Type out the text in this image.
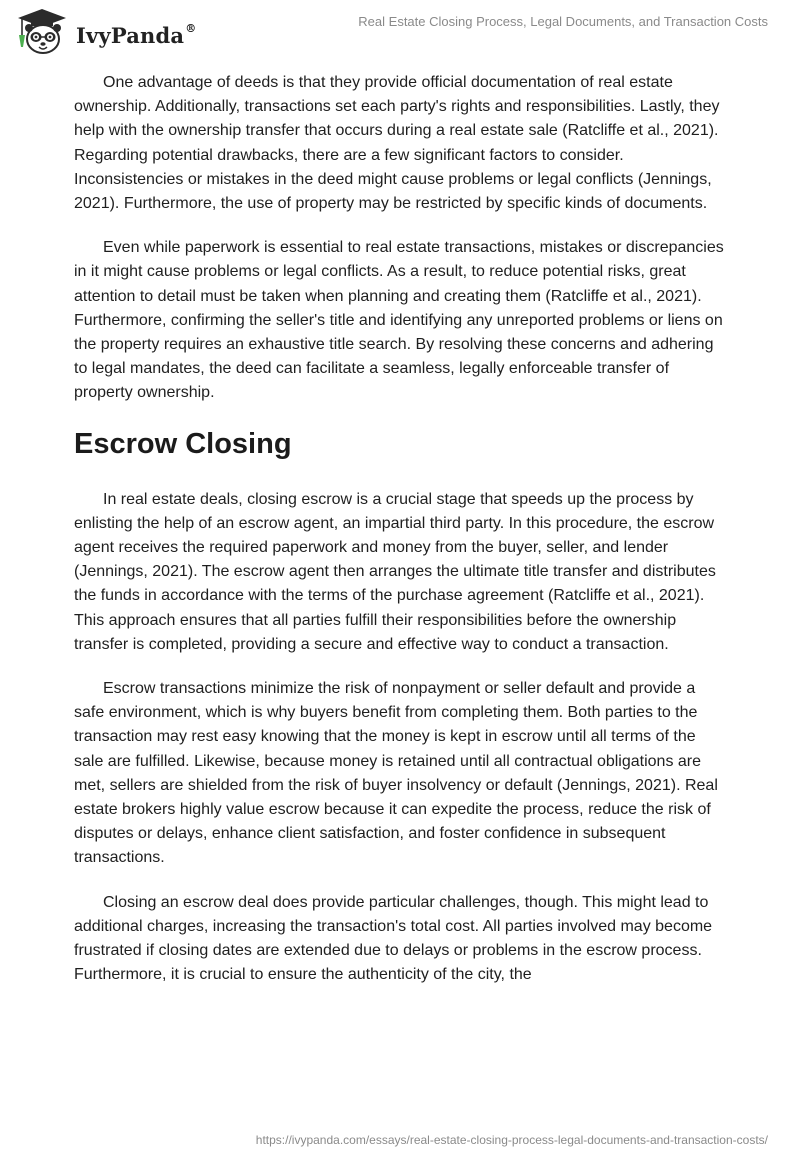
IvyPanda®	Real Estate Closing Process, Legal Documents, and Transaction Costs

One advantage of deeds is that they provide official documentation of real estate ownership. Additionally, transactions set each party's rights and responsibilities. Lastly, they help with the ownership transfer that occurs during a real estate sale (Ratcliffe et al., 2021). Regarding potential drawbacks, there are a few significant factors to consider. Inconsistencies or mistakes in the deed might cause problems or legal conflicts (Jennings, 2021). Furthermore, the use of property may be restricted by specific kinds of documents.

Even while paperwork is essential to real estate transactions, mistakes or discrepancies in it might cause problems or legal conflicts. As a result, to reduce potential risks, great attention to detail must be taken when planning and creating them (Ratcliffe et al., 2021). Furthermore, confirming the seller's title and identifying any unreported problems or liens on the property requires an exhaustive title search. By resolving these concerns and adhering to legal mandates, the deed can facilitate a seamless, legally enforceable transfer of property ownership.

Escrow Closing

In real estate deals, closing escrow is a crucial stage that speeds up the process by enlisting the help of an escrow agent, an impartial third party. In this procedure, the escrow agent receives the required paperwork and money from the buyer, seller, and lender (Jennings, 2021). The escrow agent then arranges the ultimate title transfer and distributes the funds in accordance with the terms of the purchase agreement (Ratcliffe et al., 2021). This approach ensures that all parties fulfill their responsibilities before the ownership transfer is completed, providing a secure and effective way to conduct a transaction.

Escrow transactions minimize the risk of nonpayment or seller default and provide a safe environment, which is why buyers benefit from completing them. Both parties to the transaction may rest easy knowing that the money is kept in escrow until all terms of the sale are fulfilled. Likewise, because money is retained until all contractual obligations are met, sellers are shielded from the risk of buyer insolvency or default (Jennings, 2021). Real estate brokers highly value escrow because it can expedite the process, reduce the risk of disputes or delays, enhance client satisfaction, and foster confidence in subsequent transactions.

Closing an escrow deal does provide particular challenges, though. This might lead to additional charges, increasing the transaction's total cost. All parties involved may become frustrated if closing dates are extended due to delays or problems in the escrow process. Furthermore, it is crucial to ensure the authenticity of the city, the

https://ivypanda.com/essays/real-estate-closing-process-legal-documents-and-transaction-costs/
